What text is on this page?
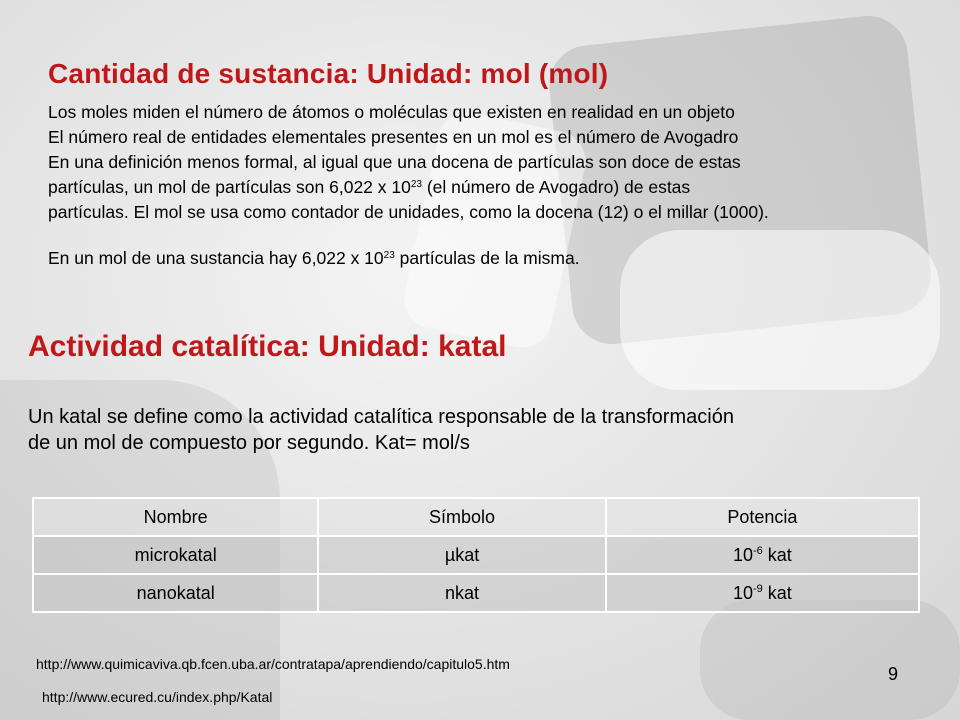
Cantidad de sustancia: Unidad: mol (mol)
Los moles miden el número de átomos o moléculas que existen en realidad en un objeto
El número real de entidades elementales presentes en un mol es el número de Avogadro
En una definición menos formal, al igual que una docena de partículas son doce de estas
partículas, un mol de partículas son 6,022 x $10^{23}$ (el número de Avogadro) de estas
partículas. El mol se usa como contador de unidades, como la docena (12) o el millar (1000).
En un mol de una sustancia hay 6,022 x $10^{23}$ partículas de la misma.
Actividad catalítica: Unidad: katal
Un katal se define como la actividad catalítica responsable de la transformación
de un mol de compuesto por segundo. Kat= mol/s
Nombre	Símbolo	Potencia
microkatal	µkat	$10^{-6}$ kat
nanokatal	nkat	$10^{-9}$ kat
http://www.quimicaviva.qb.fcen.uba.ar/contratapa/aprendiendo/capitulo5.htm	9
http://www.ecured.cu/index.php/Katal
